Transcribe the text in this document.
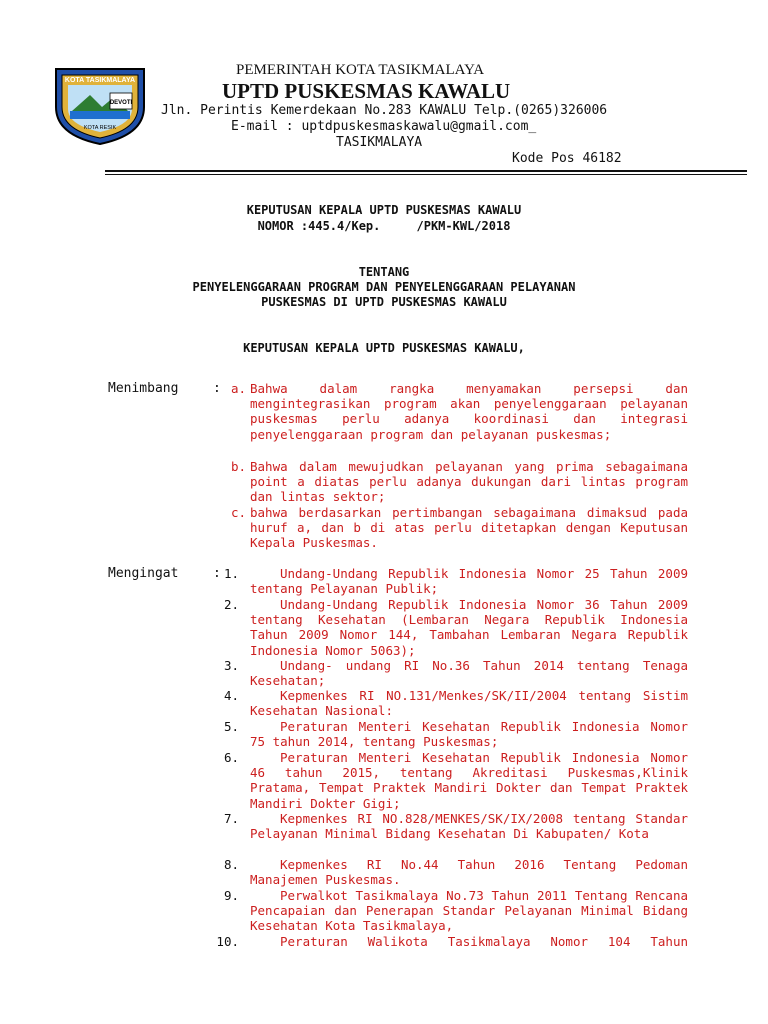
DEVOTI
KOTA TASIKMALAYA
KOTA RESIK
PEMERINTAH KOTA TASIKMALAYA
UPTD PUSKESMAS KAWALU
Jln. Perintis Kemerdekaan No.283 KAWALU Telp.(0265)326006
E-mail : uptdpuskesmaskawalu@gmail.com_
TASIKMALAYA
Kode Pos 46182
KEPUTUSAN KEPALA UPTD PUSKESMAS KAWALU
NOMOR :445.4/Kep.     /PKM-KWL/2018
TENTANG
PENYELENGGARAAN PROGRAM DAN PENYELENGGARAAN PELAYANAN
PUSKESMAS DI UPTD PUSKESMAS KAWALU
KEPUTUSAN KEPALA UPTD PUSKESMAS KAWALU,
Menimbang	: a. Bahwa dalam rangka menyamakan persepsi dan mengintegrasikan program akan penyelenggaraan pelayanan puskesmas perlu adanya koordinasi dan integrasi penyelenggaraan program dan pelayanan puskesmas;
b. Bahwa dalam mewujudkan pelayanan yang prima sebagaimana point a diatas perlu adanya dukungan dari lintas program dan lintas sektor;
c. bahwa berdasarkan pertimbangan sebagaimana dimaksud pada huruf a, dan b di atas perlu ditetapkan dengan Keputusan Kepala Puskesmas.
Mengingat	: 1.	Undang-Undang Republik Indonesia Nomor 25 Tahun 2009 tentang Pelayanan Publik;
2.	Undang-Undang Republik Indonesia Nomor 36 Tahun 2009 tentang Kesehatan (Lembaran Negara Republik Indonesia Tahun 2009 Nomor 144, Tambahan Lembaran Negara Republik Indonesia Nomor 5063);
3.	Undang- undang RI No.36 Tahun 2014 tentang Tenaga Kesehatan;
4.	Kepmenkes RI NO.131/Menkes/SK/II/2004 tentang Sistim Kesehatan Nasional:
5.	Peraturan Menteri Kesehatan Republik Indonesia Nomor 75 tahun 2014, tentang Puskesmas;
6.	Peraturan Menteri Kesehatan Republik Indonesia Nomor 46 tahun 2015, tentang Akreditasi Puskesmas,Klinik Pratama, Tempat Praktek Mandiri Dokter dan Tempat Praktek Mandiri Dokter Gigi;
7.	Kepmenkes RI NO.828/MENKES/SK/IX/2008 tentang Standar Pelayanan Minimal Bidang Kesehatan Di Kabupaten/ Kota
8.	Kepmenkes RI No.44 Tahun 2016 Tentang Pedoman Manajemen Puskesmas.
9.	Perwalkot Tasikmalaya No.73 Tahun 2011 Tentang Rencana Pencapaian dan Penerapan Standar Pelayanan Minimal Bidang Kesehatan Kota Tasikmalaya,
10.	Peraturan Walikota Tasikmalaya Nomor 104 Tahun
